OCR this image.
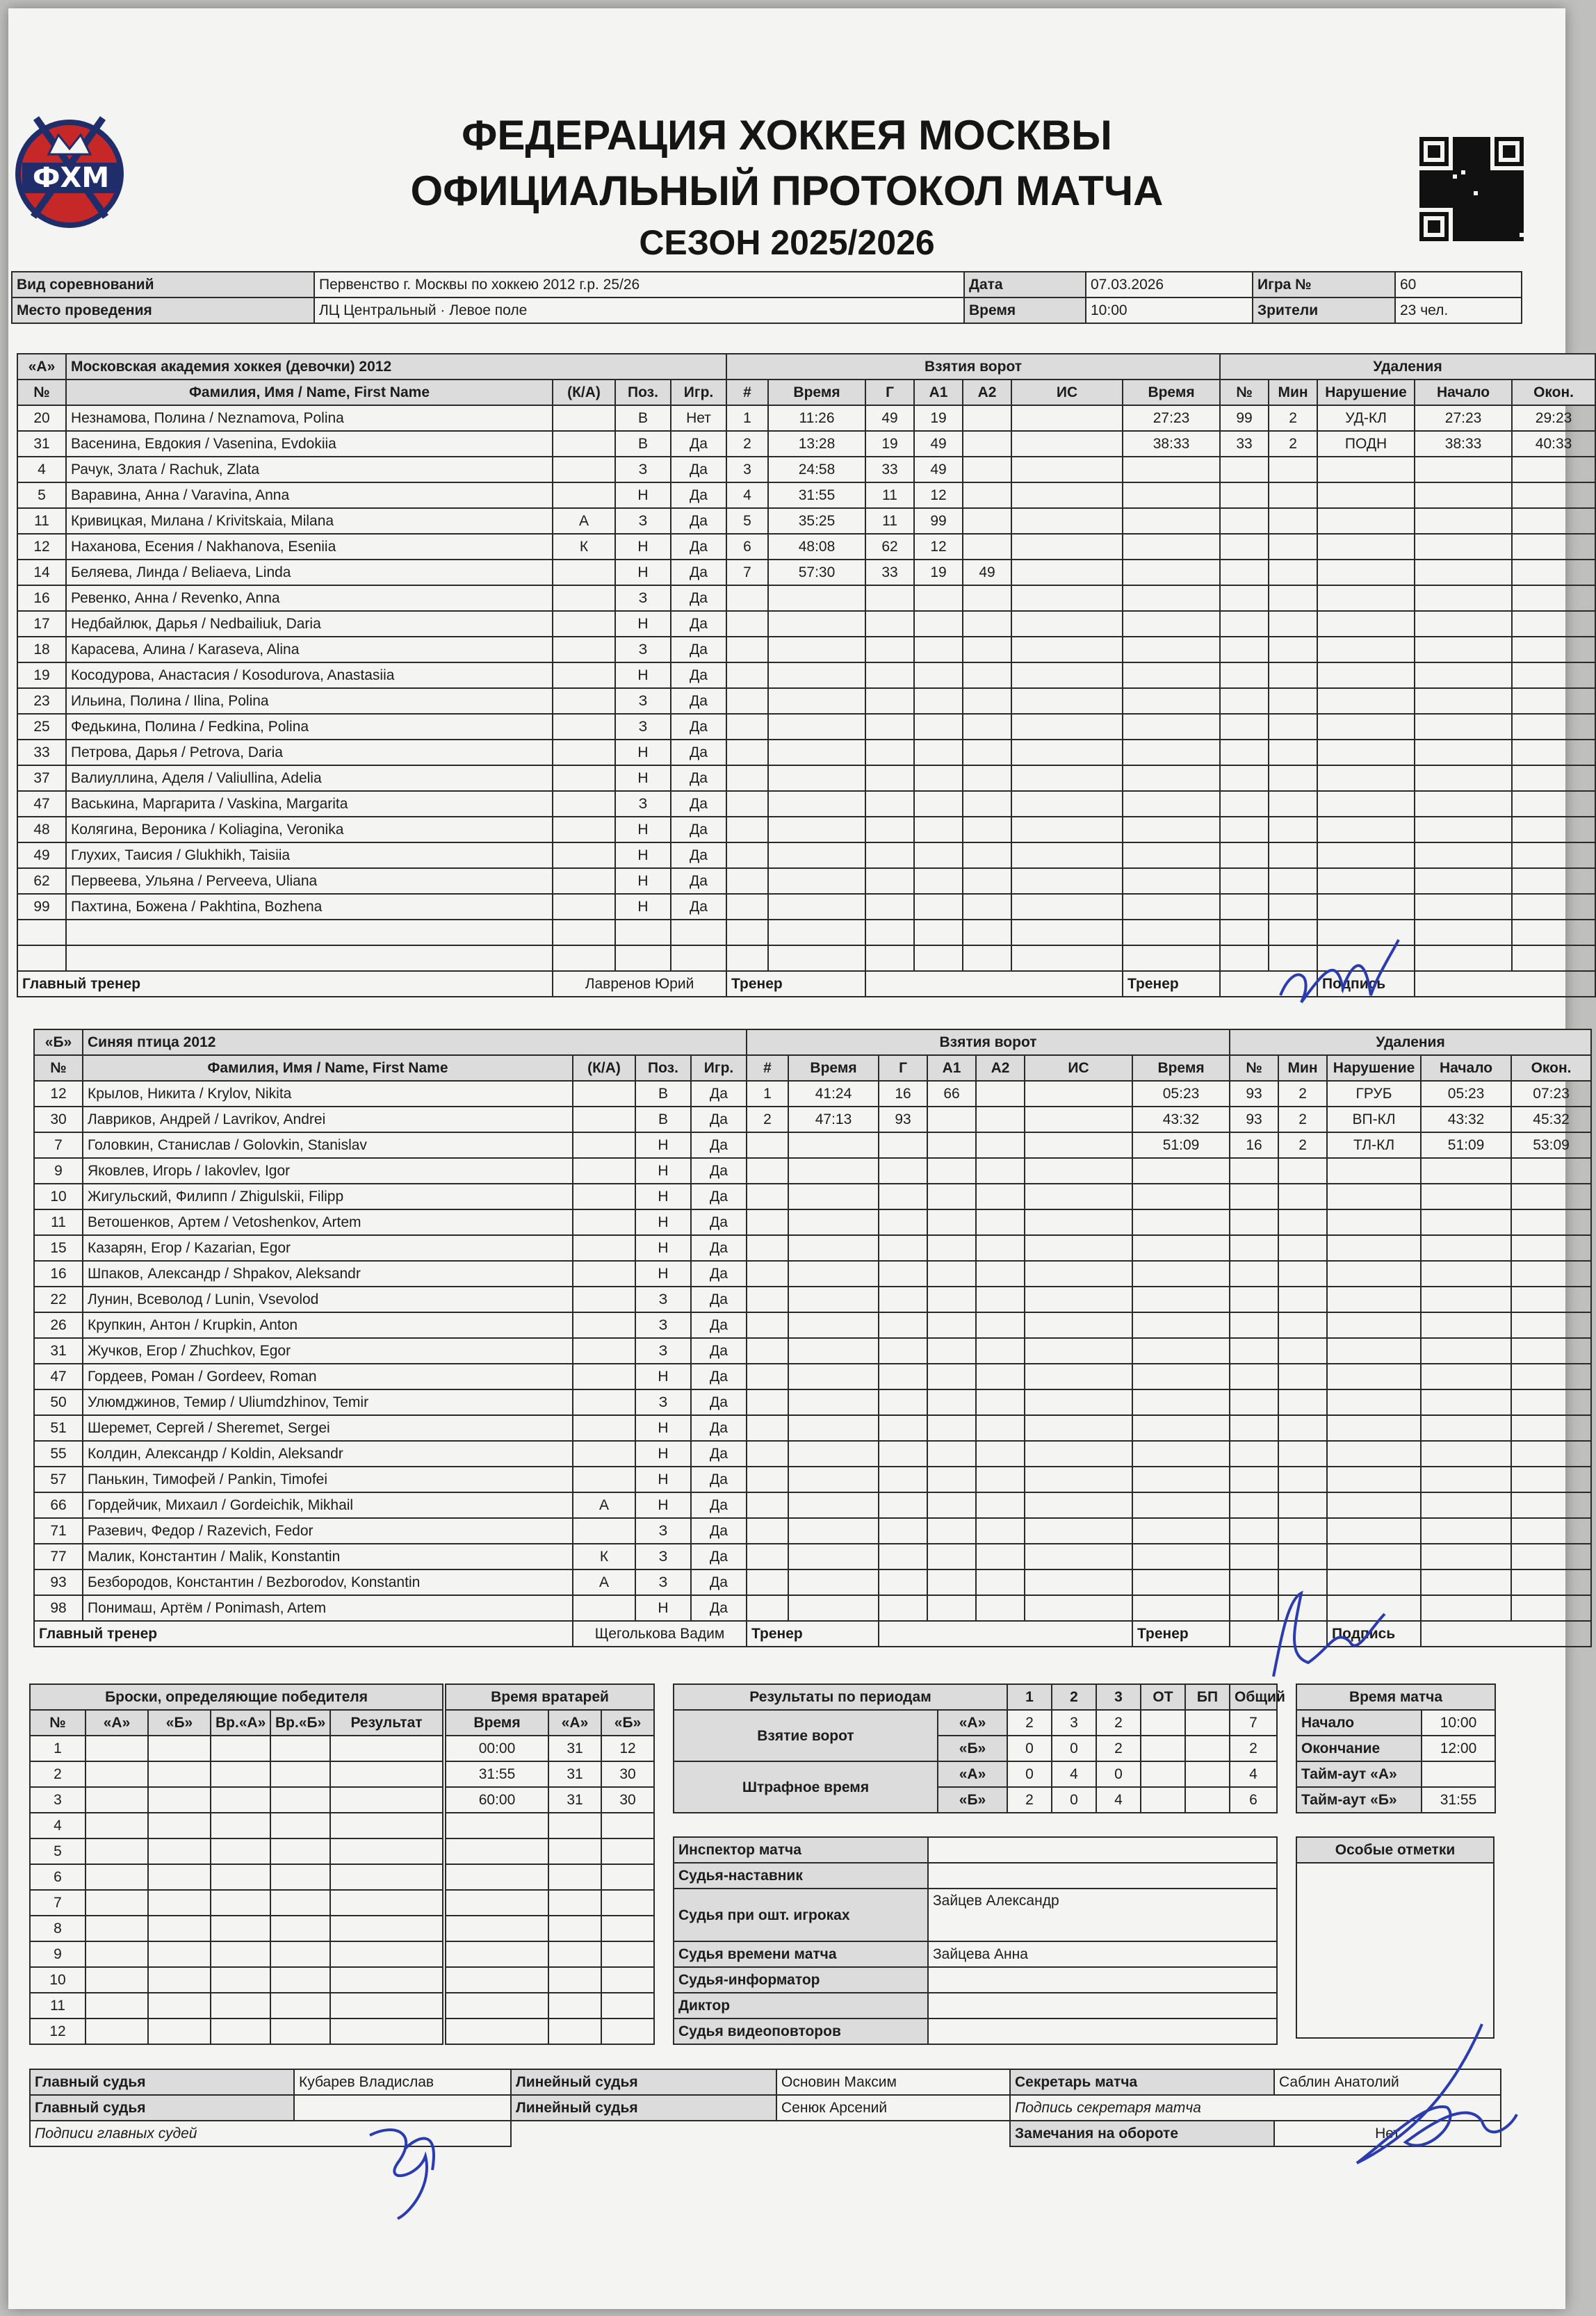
ФХМ
ФЕДЕРАЦИЯ ХОККЕЯ МОСКВЫ
ОФИЦИАЛЬНЫЙ ПРОТОКОЛ МАТЧА
СЕЗОН 2025/2026
Вид соревнований	Первенство г. Москвы по хоккею 2012 г.р. 25/26	Дата	07.03.2026	Игра №	60
Место проведения	ЛЦ Центральный · Левое поле	Время	10:00	Зрители	23 чел.
«А»	Московская академия хоккея (девочки) 2012				Взятия ворот							Удаления				
№	Фамилия, Имя / Name, First Name	(К/А)	Поз.	Игр.	#	Время	Г	А1	А2	ИС	Время	№	Мин	Нарушение	Начало	Окон.
20	Незнамова, Полина / Neznamova, Polina		В	Нет	1	11:26	49	19			27:23	99	2	УД-КЛ	27:23	29:23
31	Васенина, Евдокия / Vasenina, Evdokiia		В	Да	2	13:28	19	49			38:33	33	2	ПОДН	38:33	40:33
4	Рачук, Злата / Rachuk, Zlata		З	Да	3	24:58	33	49								
5	Варавина, Анна / Varavina, Anna		Н	Да	4	31:55	11	12								
11	Кривицкая, Милана / Krivitskaia, Milana	А	З	Да	5	35:25	11	99								
12	Наханова, Есения / Nakhanova, Eseniia	К	Н	Да	6	48:08	62	12								
14	Беляева, Линда / Beliaeva, Linda		Н	Да	7	57:30	33	19	49							
16	Ревенко, Анна / Revenko, Anna		З	Да												
17	Недбайлюк, Дарья / Nedbailiuk, Daria		Н	Да												
18	Карасева, Алина / Karaseva, Alina		З	Да												
19	Косодурова, Анастасия / Kosodurova, Anastasiia		Н	Да												
23	Ильина, Полина / Ilina, Polina		З	Да												
25	Федькина, Полина / Fedkina, Polina		З	Да												
33	Петрова, Дарья / Petrova, Daria		Н	Да												
37	Валиуллина, Аделя / Valiullina, Adelia		Н	Да												
47	Васькина, Маргарита / Vaskina, Margarita		З	Да												
48	Колягина, Вероника / Koliagina, Veronika		Н	Да												
49	Глухих, Таисия / Glukhikh, Taisiia		Н	Да												
62	Первеева, Ульяна / Perveeva, Uliana		Н	Да												
99	Пахтина, Божена / Pakhtina, Bozhena		Н	Да												

Главный тренер		Лавренов Юрий			Тренер						Тренер			Подпись		
«Б»	Синяя птица 2012				Взятия ворот							Удаления				
№	Фамилия, Имя / Name, First Name	(К/А)	Поз.	Игр.	#	Время	Г	А1	А2	ИС	Время	№	Мин	Нарушение	Начало	Окон.
12	Крылов, Никита / Krylov, Nikita		В	Да	1	41:24	16	66			05:23	93	2	ГРУБ	05:23	07:23
30	Лавриков, Андрей / Lavrikov, Andrei		В	Да	2	47:13	93				43:32	93	2	ВП-КЛ	43:32	45:32
7	Головкин, Станислав / Golovkin, Stanislav		Н	Да							51:09	16	2	ТЛ-КЛ	51:09	53:09
9	Яковлев, Игорь / Iakovlev, Igor		Н	Да												
10	Жигульский, Филипп / Zhigulskii, Filipp		Н	Да												
11	Ветошенков, Артем / Vetoshenkov, Artem		Н	Да												
15	Казарян, Егор / Kazarian, Egor		Н	Да												
16	Шпаков, Александр / Shpakov, Aleksandr		Н	Да												
22	Лунин, Всеволод / Lunin, Vsevolod		З	Да												
26	Крупкин, Антон / Krupkin, Anton		З	Да												
31	Жучков, Егор / Zhuchkov, Egor		З	Да												
47	Гордеев, Роман / Gordeev, Roman		Н	Да												
50	Улюмджинов, Темир / Uliumdzhinov, Temir		З	Да												
51	Шеремет, Сергей / Sheremet, Sergei		Н	Да												
55	Колдин, Александр / Koldin, Aleksandr		Н	Да												
57	Панькин, Тимофей / Pankin, Timofei		Н	Да												
66	Гордейчик, Михаил / Gordeichik, Mikhail	А	Н	Да												
71	Разевич, Федор / Razevich, Fedor		З	Да												
77	Малик, Константин / Malik, Konstantin	К	З	Да												
93	Безбородов, Константин / Bezborodov, Konstantin	А	З	Да												
98	Понимаш, Артём / Ponimash, Artem		Н	Да												
Главный тренер		Щеголькова Вадим			Тренер						Тренер			Подпись		
Броски, определяющие победителя					
№	«А»	«Б»	Вр.«А»	Вр.«Б»	Результат
1					
2					
3					
4					
5					
6					
7					
8					
9					
10					
11					
12					
Время вратарей		
Время	«А»	«Б»
00:00	31	12
31:55	31	30
60:00	31	30

Результаты по периодам		1	2	3	ОТ	БП	Общий
Взятие ворот	«А»	2	3	2			7
	«Б»	0	0	2			2
Штрафное время	«А»	0	4	0			4
	«Б»	2	0	4			6
Время матча	
Начало	10:00
Окончание	12:00
Тайм-аут «А»	
Тайм-аут «Б»	31:55
Инспектор матча	
Судья-наставник	
Судья при ошт. игроках	Зайцев Александр
Судья времени матча	Зайцева Анна
Судья-информатор	
Диктор	
Судья видеоповторов	
Особые отметки

Главный судья	Кубарев Владислав	Линейный судья	Основин Максим	Секретарь матча	Саблин Анатолий
Главный судья		Линейный судья	Сенюк Арсений	Подпись секретаря матча	
Подписи главных судей				Замечания на обороте	Нет
